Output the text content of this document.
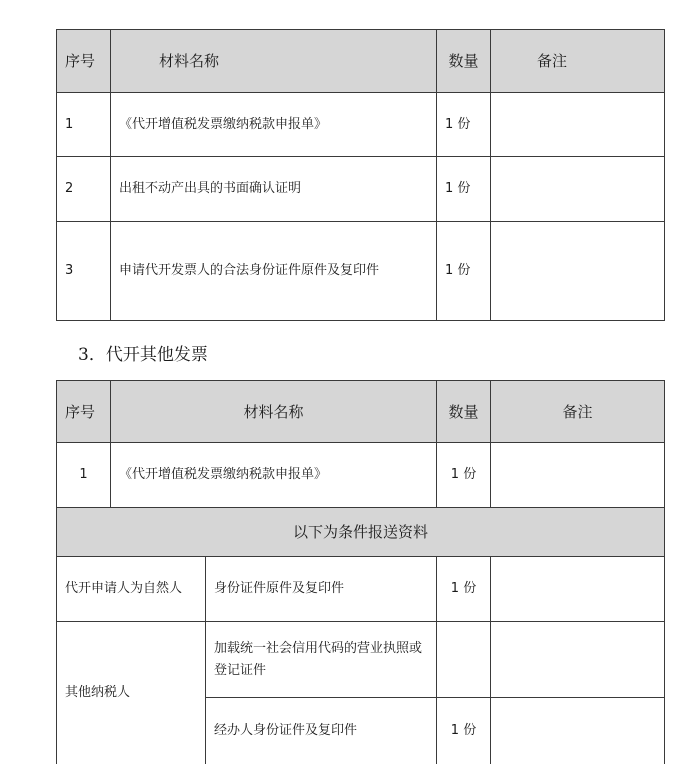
序号	材料名称	数量	备注
1	《代开增值税发票缴纳税款申报单》	1 份	
2	出租不动产出具的书面确认证明	1 份	
3	申请代开发票人的合法身份证件原件及复印件	1 份	

3．代开其他发票

序号	材料名称		数量	备注
1	《代开增值税发票缴纳税款申报单》		1 份	
以下为条件报送资料				
代开申请人为自然人		身份证件原件及复印件	1 份	
其他纳税人		加载统一社会信用代码的营业执照或登记证件		
		经办人身份证件及复印件	1 份	
